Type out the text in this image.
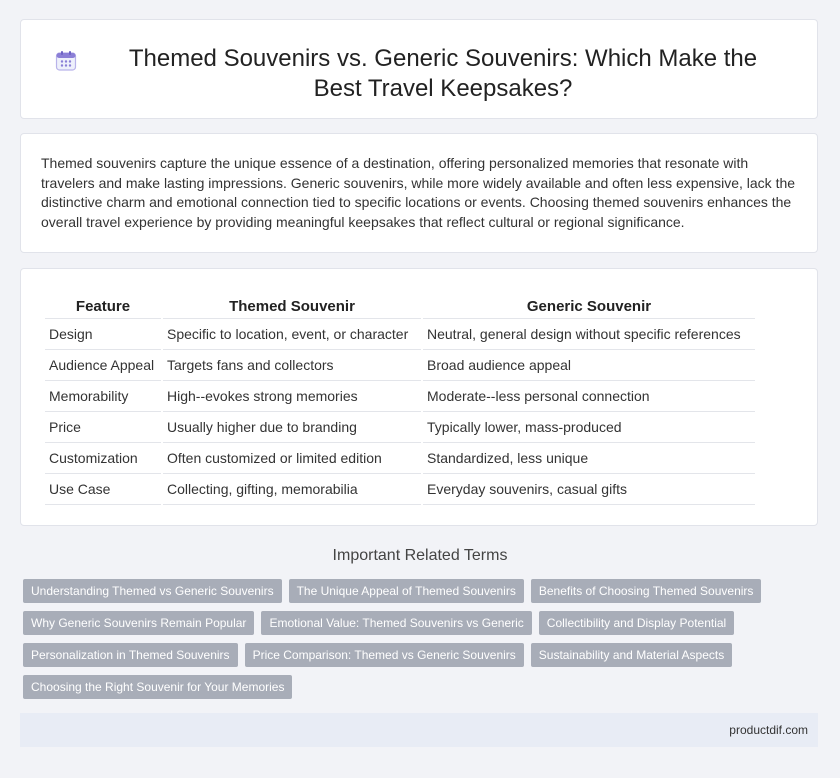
Themed Souvenirs vs. Generic Souvenirs: Which Make the Best Travel Keepsakes?

Themed souvenirs capture the unique essence of a destination, offering personalized memories that resonate with travelers and make lasting impressions. Generic souvenirs, while more widely available and often less expensive, lack the distinctive charm and emotional connection tied to specific locations or events. Choosing themed souvenirs enhances the overall travel experience by providing meaningful keepsakes that reflect cultural or regional significance.

Feature	Themed Souvenir	Generic Souvenir
Design	Specific to location, event, or character	Neutral, general design without specific references
Audience Appeal	Targets fans and collectors	Broad audience appeal
Memorability	High--evokes strong memories	Moderate--less personal connection
Price	Usually higher due to branding	Typically lower, mass-produced
Customization	Often customized or limited edition	Standardized, less unique
Use Case	Collecting, gifting, memorabilia	Everyday souvenirs, casual gifts
Important Related Terms
Understanding Themed vs Generic Souvenirs	The Unique Appeal of Themed Souvenirs	Benefits of Choosing Themed Souvenirs
Why Generic Souvenirs Remain Popular	Emotional Value: Themed Souvenirs vs Generic	Collectibility and Display Potential
Personalization in Themed Souvenirs	Price Comparison: Themed vs Generic Souvenirs	Sustainability and Material Aspects
Choosing the Right Souvenir for Your Memories
productdif.com
